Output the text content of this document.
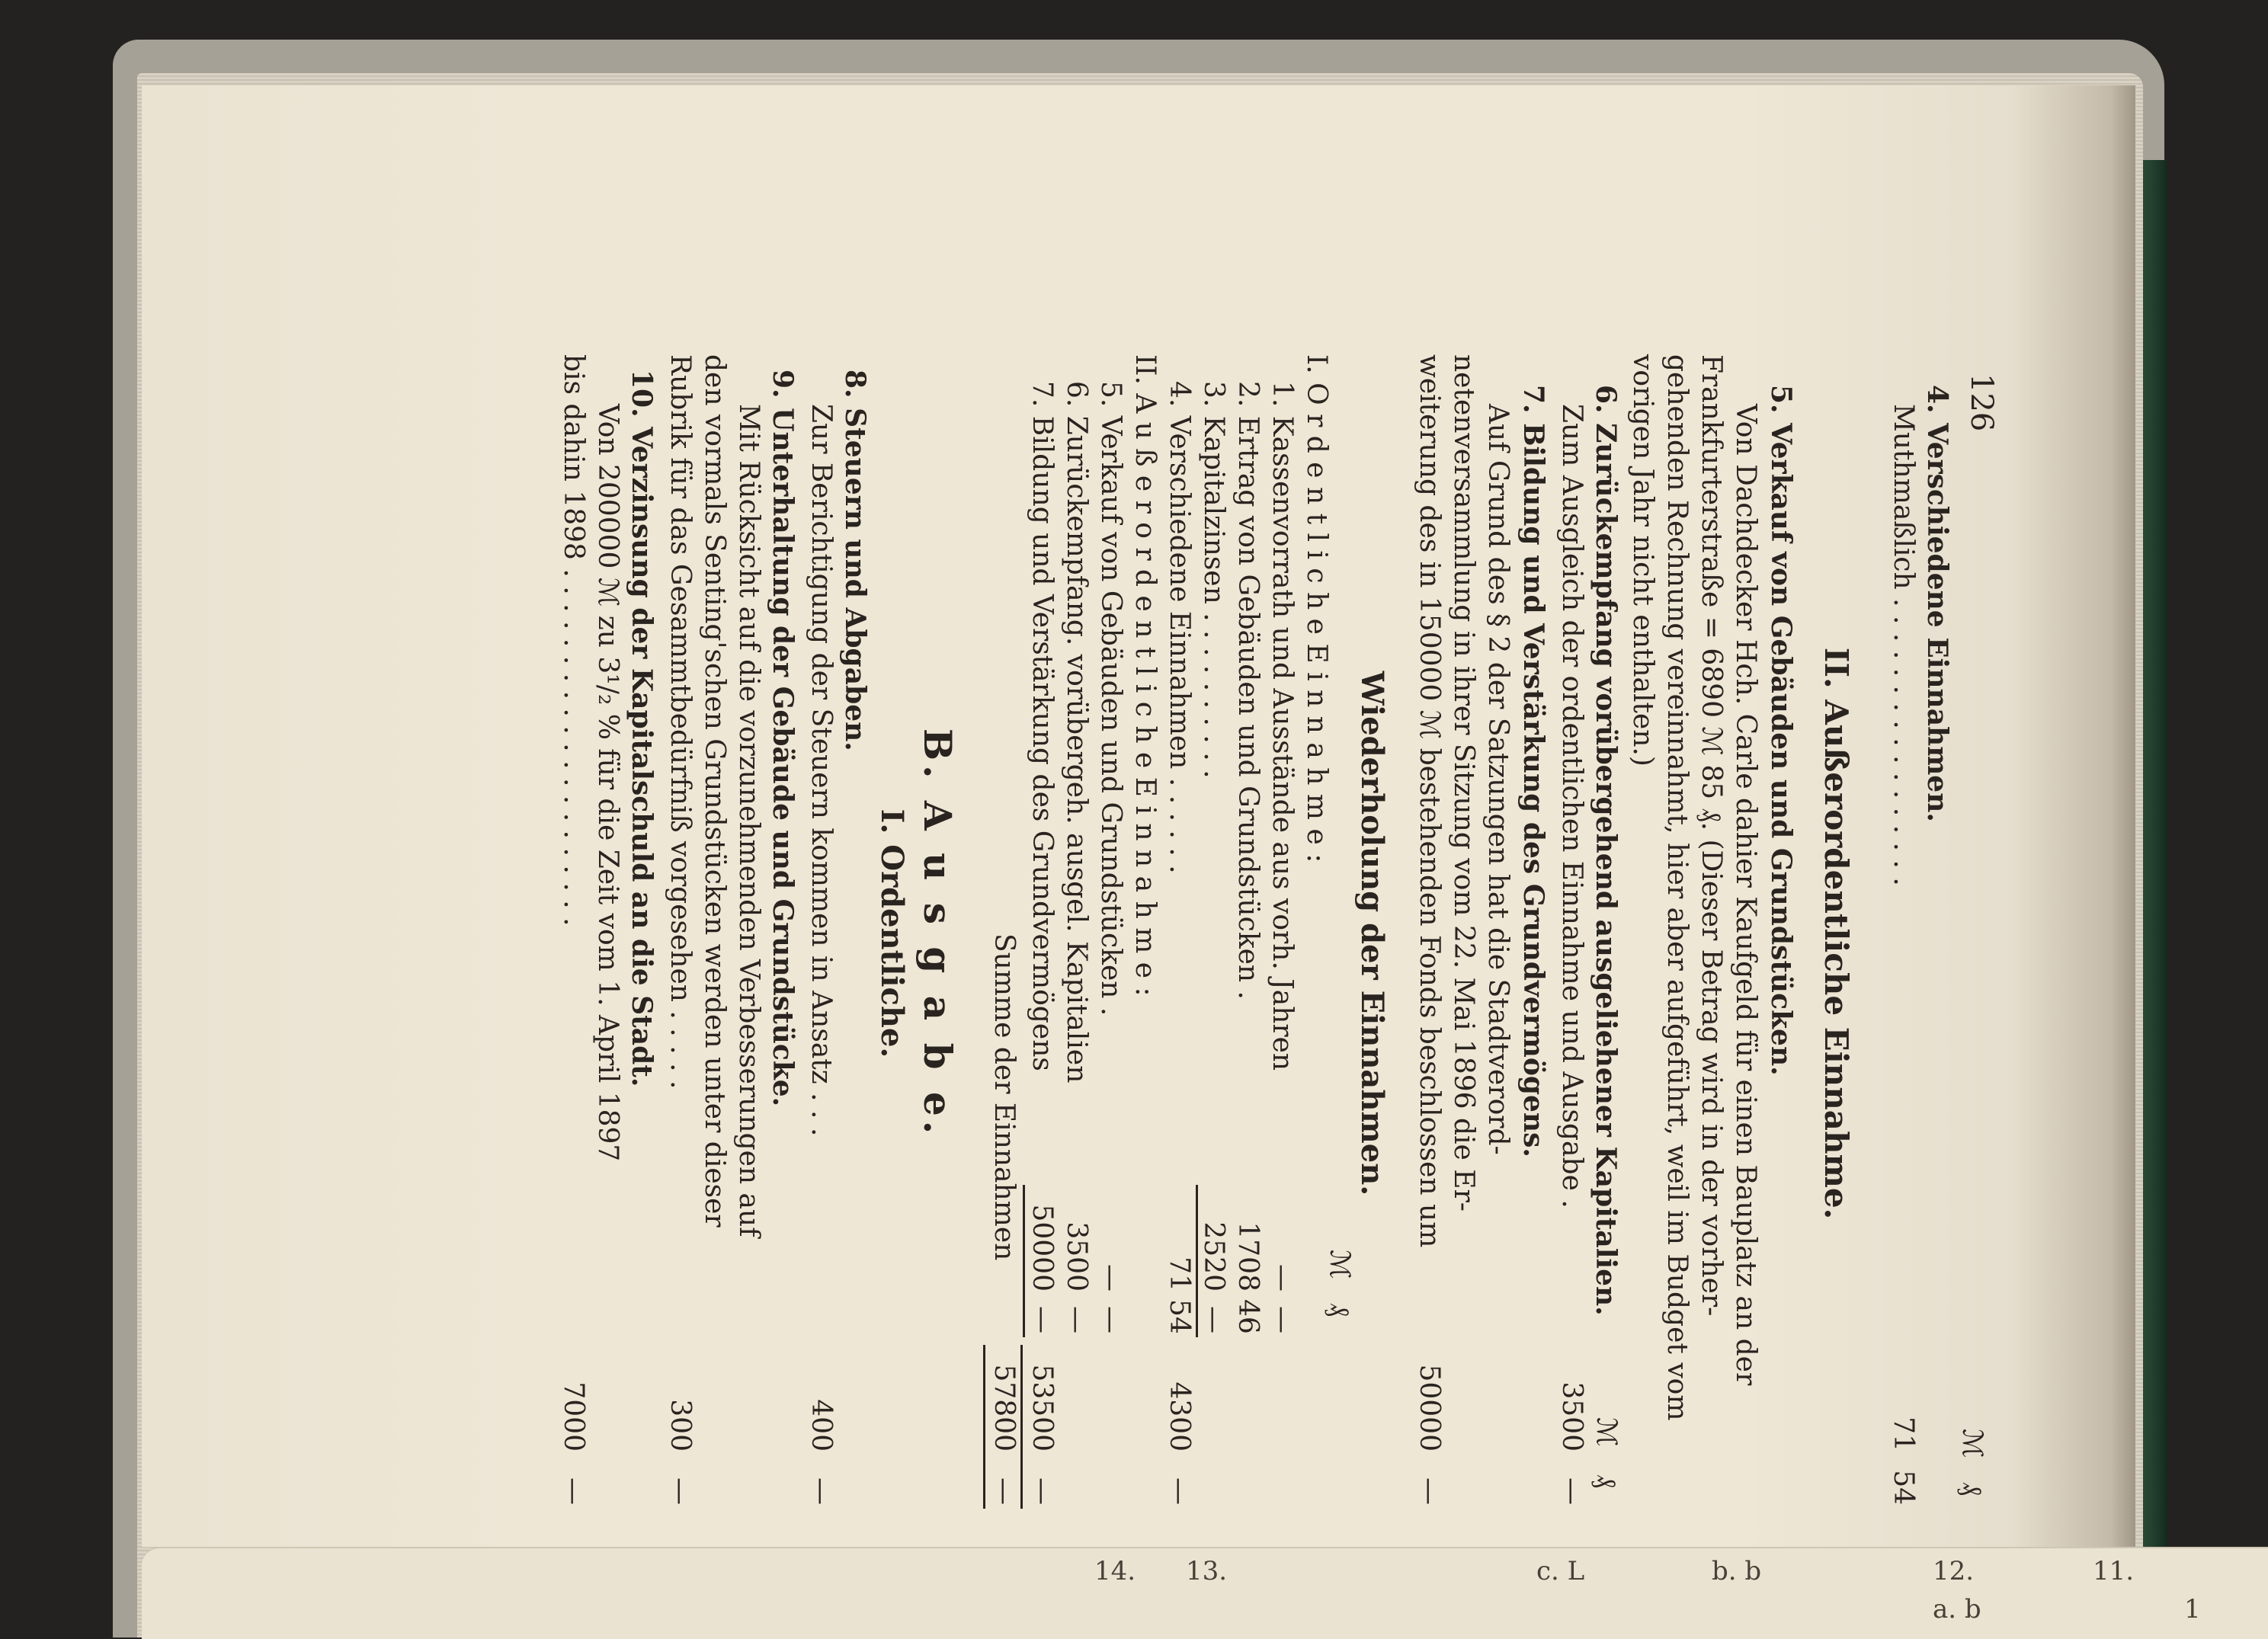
11.
12.
a. b
b. b
c. L
13.
14.
1
126
ℳ
₰
4. Verschiedene Einnahmen.
Muthmaßlich . . . . . . . . . . . . . . . . .
71
54
II. Außerordentliche Einnahme.
5. Verkauf von Gebäuden und Grundstücken.
Von Dachdecker Hch. Carle dahier Kaufgeld für einen Bauplatz an der
Frankfurterstraße = 6890 ℳ 85 ₰. (Dieser Betrag wird in der vorher-
gehenden Rechnung vereinnahmt, hier aber aufgeführt, weil im Budget vom
vorigen Jahr nicht enthalten.)
6. Zurückempfang vorübergehend ausgeliehener Kapitalien.
ℳ
₰
Zum Ausgleich der ordentlichen Einnahme und Ausgabe .
3500
—
7. Bildung und Verstärkung des Grundvermögens.
Auf Grund des § 2 der Satzungen hat die Stadtverord-
netenversammlung in ihrer Sitzung vom 22. Mai 1896 die Er-
weiterung des in 150000 ℳ bestehenden Fonds beschlossen um
50000
—
Wiederholung der Einnahmen.
ℳ
₰
I. O r d e n t l i c h e E i n n a h m e :
1. Kassenvorrath und Ausstände aus vorh. Jahren
—
—
2. Ertrag von Gebäuden und Grundstücken .
1708
46
3. Kapitalzinsen . . . . . . . . . .
2520
—
4. Verschiedene Einnahmen . . . . . .
71
54
4300
—
II. A u ß e r o r d e n t l i c h e E i n n a h m e :
5. Verkauf von Gebäuden und Grundstücken .
—
—
6. Zurückempfang. vorübergeh. ausgel. Kapitalien
3500
—
7. Bildung und Verstärkung des Grundvermögens
50000
—
53500
—
Summe der Einnahmen
57800
—
B. A u s g a b e.
I. Ordentliche.
8. Steuern und Abgaben.
Zur Berichtigung der Steuern kommen in Ansatz . . .
400
—
9. Unterhaltung der Gebäude und Grundstücke.
Mit Rücksicht auf die vorzunehmenden Verbesserungen auf
den vormals Senting'schen Grundstücken werden unter dieser
Rubrik für das Gesammtbedürfniß vorgesehen . . . . .
300
—
10. Verzinsung der Kapitalschuld an die Stadt.
Von 200000 ℳ zu 3¹/₂ % für die Zeit vom 1. April 1897
bis dahin 1898 . . . . . . . . . . . . . . . . . . . . .
7000
—
